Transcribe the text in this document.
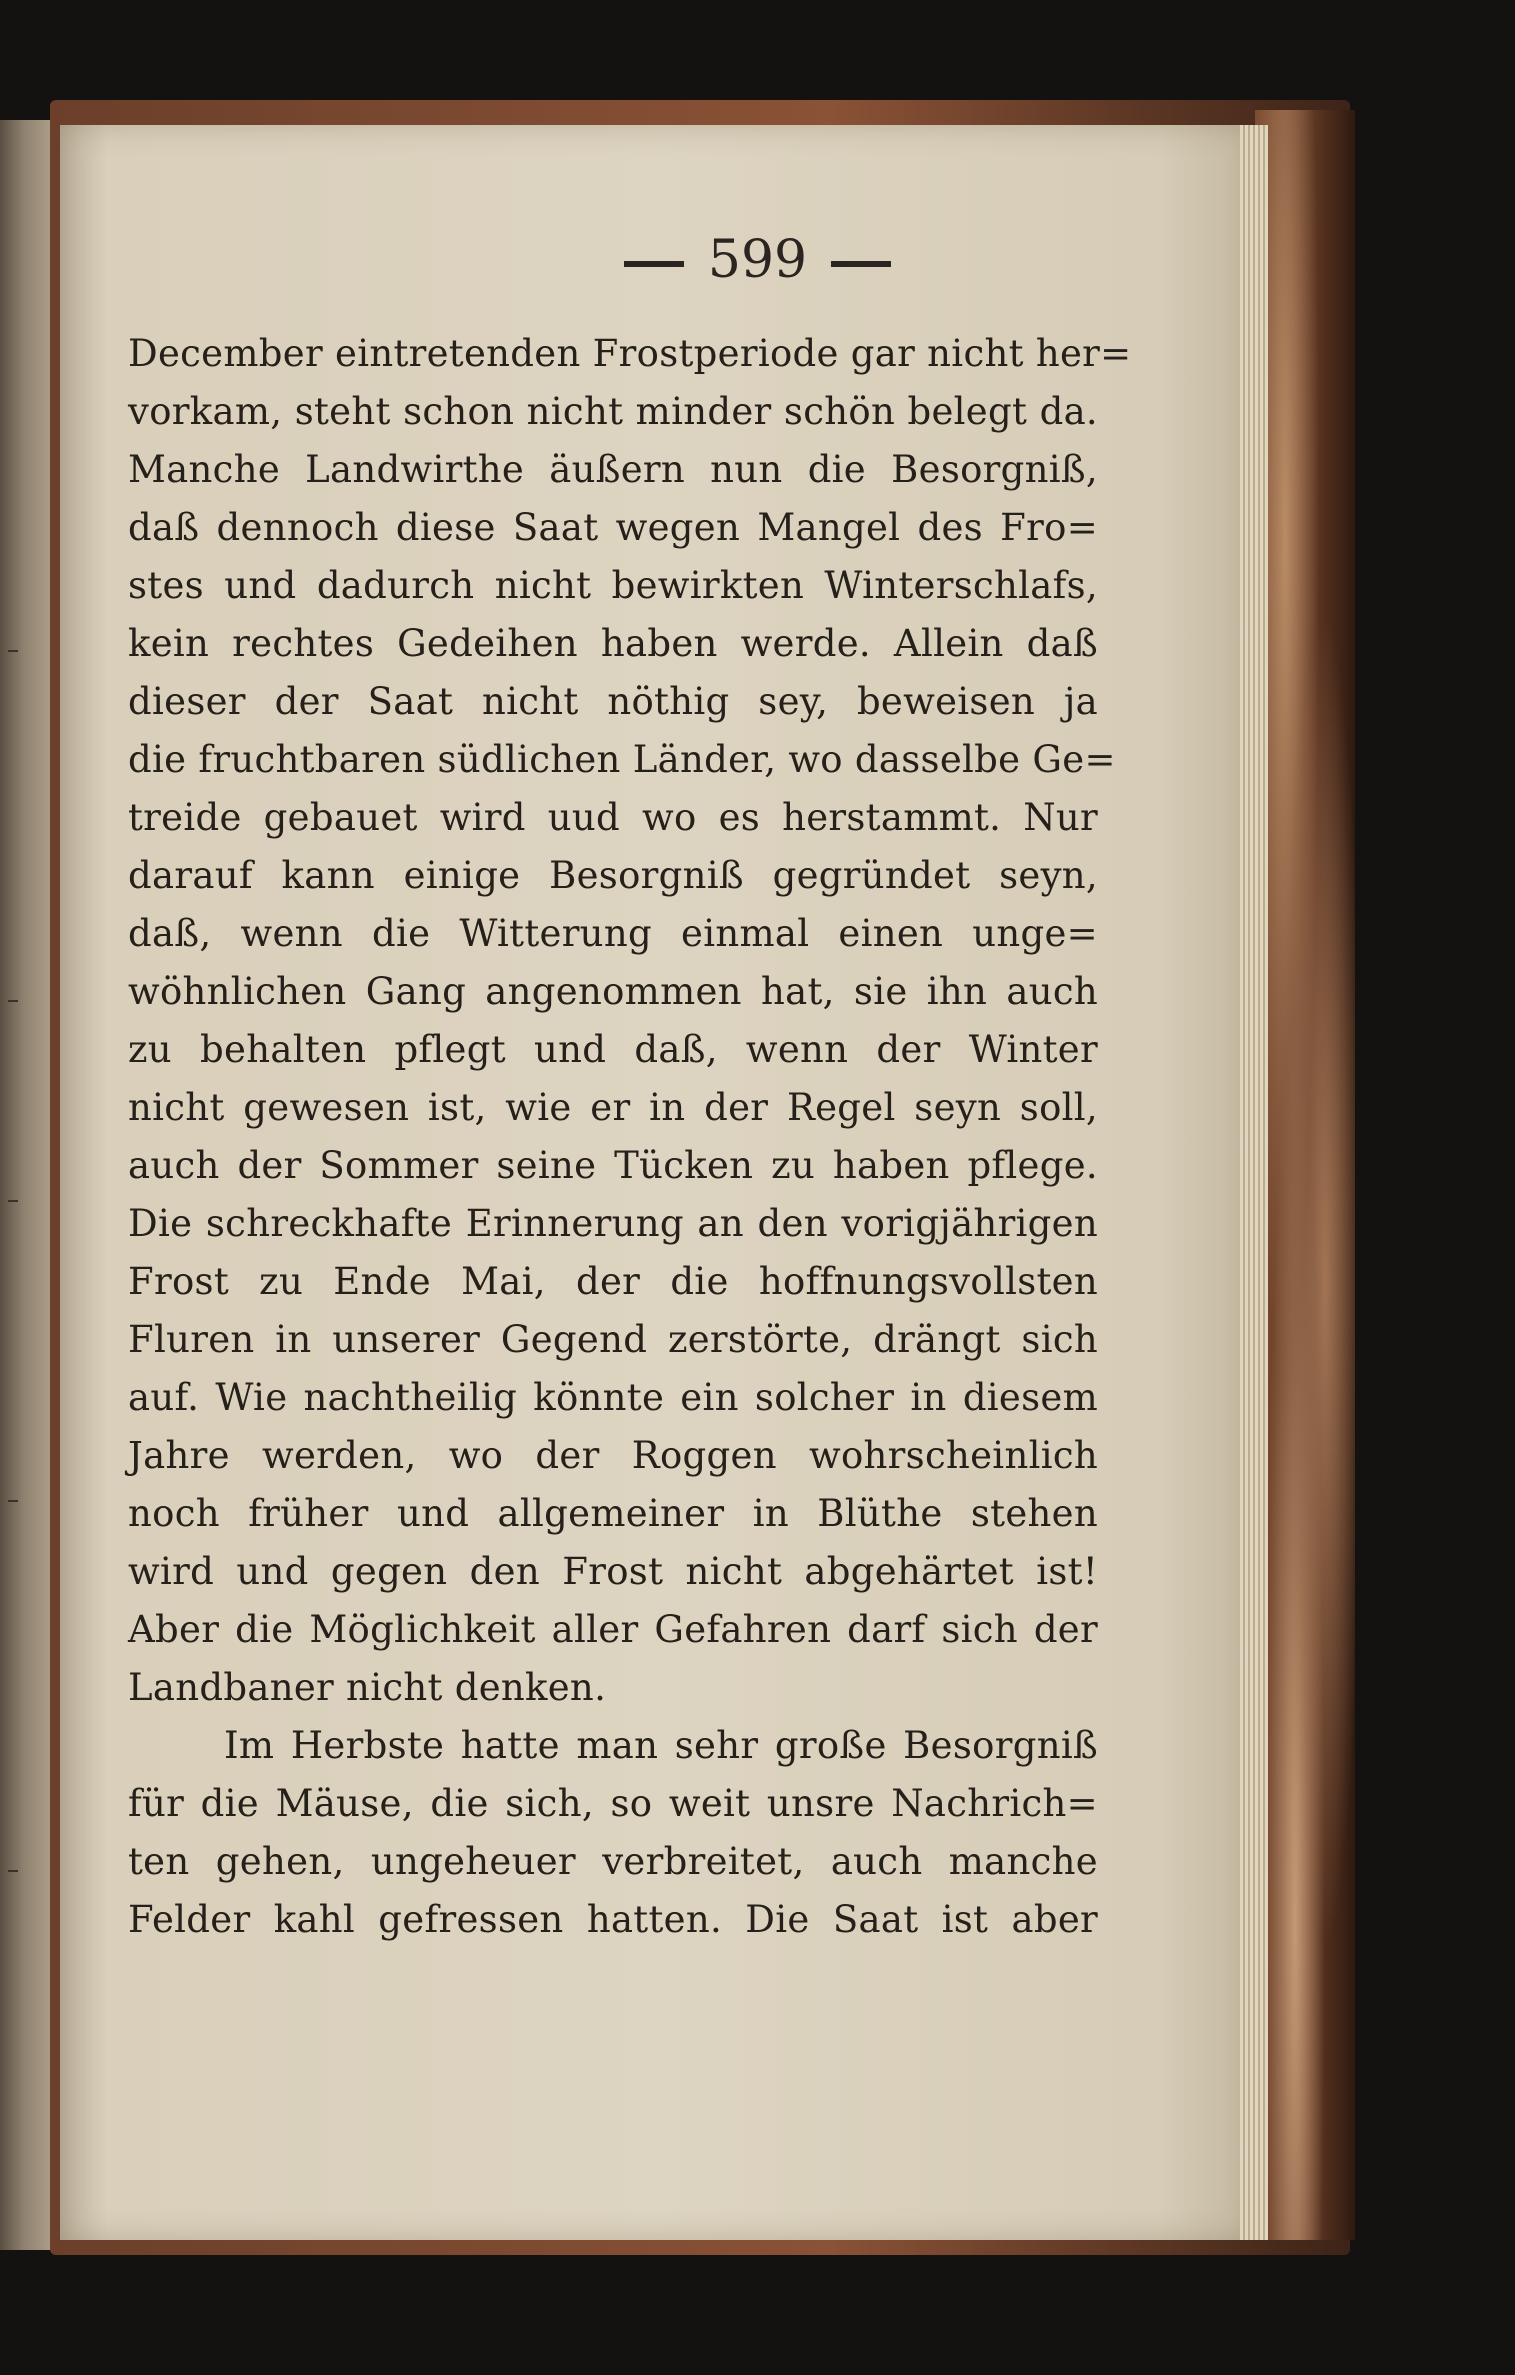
599
December eintretenden Frostperiode gar nicht her=
vorkam, steht schon nicht minder schön belegt da.
Manche Landwirthe äußern nun die Besorgniß,
daß dennoch diese Saat wegen Mangel des Fro=
stes und dadurch nicht bewirkten Winterschlafs,
kein rechtes Gedeihen haben werde. Allein daß
dieser der Saat nicht nöthig sey, beweisen ja
die fruchtbaren südlichen Länder, wo dasselbe Ge=
treide gebauet wird uud wo es herstammt. Nur
darauf kann einige Besorgniß gegründet seyn,
daß, wenn die Witterung einmal einen unge=
wöhnlichen Gang angenommen hat, sie ihn auch
zu behalten pflegt und daß, wenn der Winter
nicht gewesen ist, wie er in der Regel seyn soll,
auch der Sommer seine Tücken zu haben pflege.
Die schreckhafte Erinnerung an den vorigjährigen
Frost zu Ende Mai, der die hoffnungsvollsten
Fluren in unserer Gegend zerstörte, drängt sich
auf. Wie nachtheilig könnte ein solcher in diesem
Jahre werden, wo der Roggen wohrscheinlich
noch früher und allgemeiner in Blüthe stehen
wird und gegen den Frost nicht abgehärtet ist!
Aber die Möglichkeit aller Gefahren darf sich der
Landbaner nicht denken.
Im Herbste hatte man sehr große Besorgniß
für die Mäuse, die sich, so weit unsre Nachrich=
ten gehen, ungeheuer verbreitet, auch manche
Felder kahl gefressen hatten. Die Saat ist aber
